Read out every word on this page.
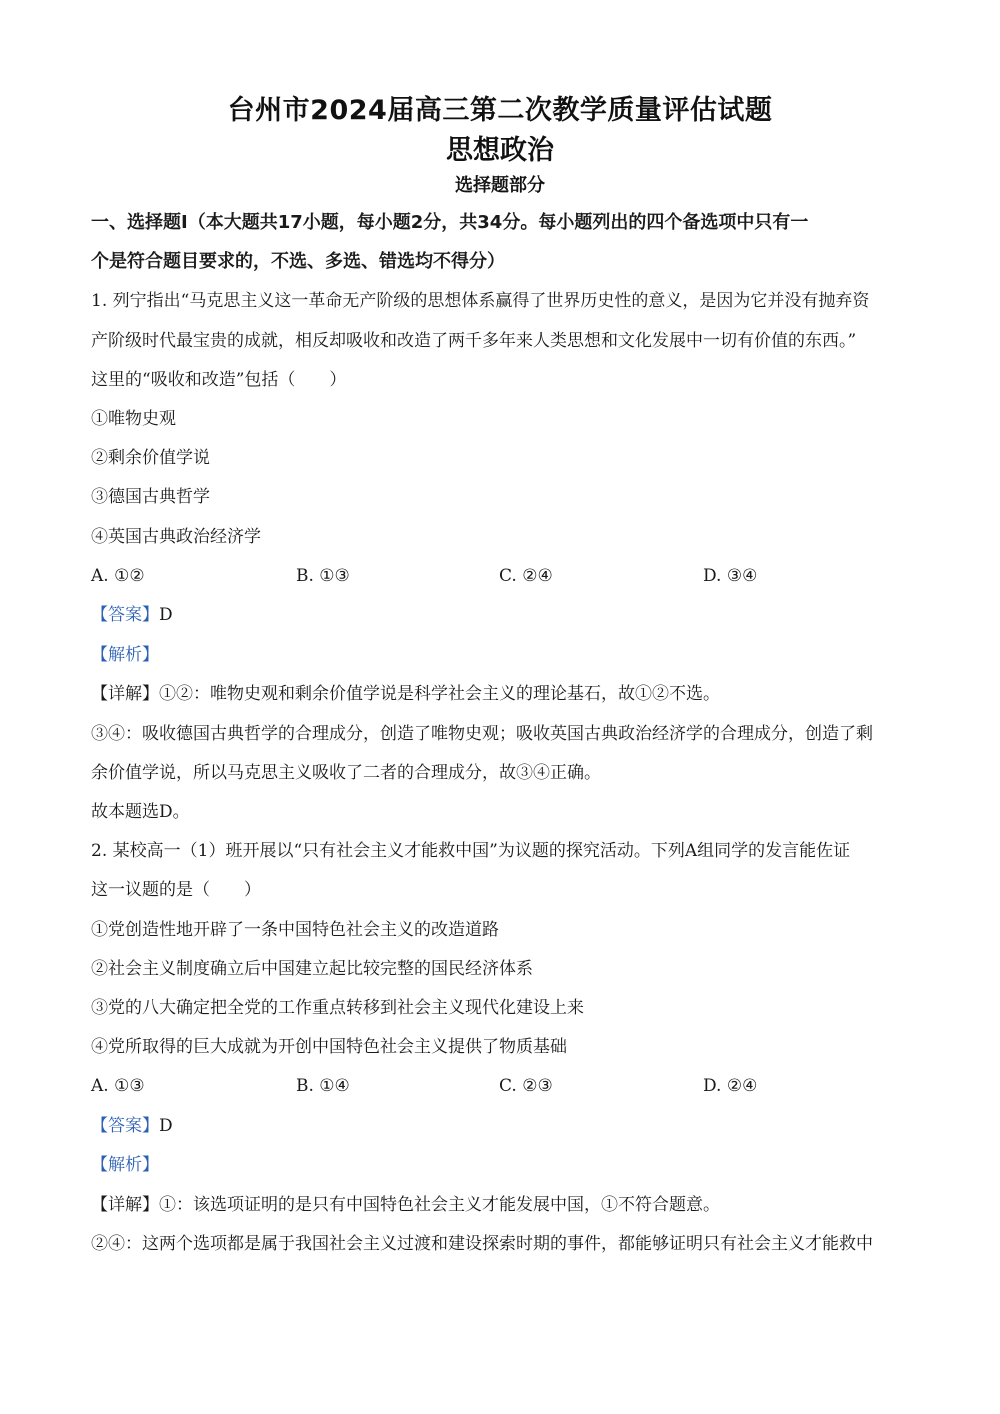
台州市2024届高三第二次教学质量评估试题
思想政治
选择题部分
一、选择题Ⅰ（本大题共17小题，每小题2分，共34分。每小题列出的四个备选项中只有一
个是符合题目要求的，不选、多选、错选均不得分）
1. 列宁指出“马克思主义这一革命无产阶级的思想体系赢得了世界历史性的意义，是因为它并没有抛弃资
产阶级时代最宝贵的成就，相反却吸收和改造了两千多年来人类思想和文化发展中一切有价值的东西。”
这里的“吸收和改造”包括（　　）
①唯物史观
②剩余价值学说
③德国古典哲学
④英国古典政治经济学
A. ①②	B. ①③	C. ②④	D. ③④
【答案】D
【解析】
【详解】①②：唯物史观和剩余价值学说是科学社会主义的理论基石，故①②不选。
③④：吸收德国古典哲学的合理成分，创造了唯物史观；吸收英国古典政治经济学的合理成分，创造了剩
余价值学说，所以马克思主义吸收了二者的合理成分，故③④正确。
故本题选D。
2. 某校高一（1）班开展以“只有社会主义才能救中国”为议题的探究活动。下列A组同学的发言能佐证
这一议题的是（　　）
①党创造性地开辟了一条中国特色社会主义的改造道路
②社会主义制度确立后中国建立起比较完整的国民经济体系
③党的八大确定把全党的工作重点转移到社会主义现代化建设上来
④党所取得的巨大成就为开创中国特色社会主义提供了物质基础
A. ①③	B. ①④	C. ②③	D. ②④
【答案】D
【解析】
【详解】①：该选项证明的是只有中国特色社会主义才能发展中国，①不符合题意。
②④：这两个选项都是属于我国社会主义过渡和建设探索时期的事件，都能够证明只有社会主义才能救中
